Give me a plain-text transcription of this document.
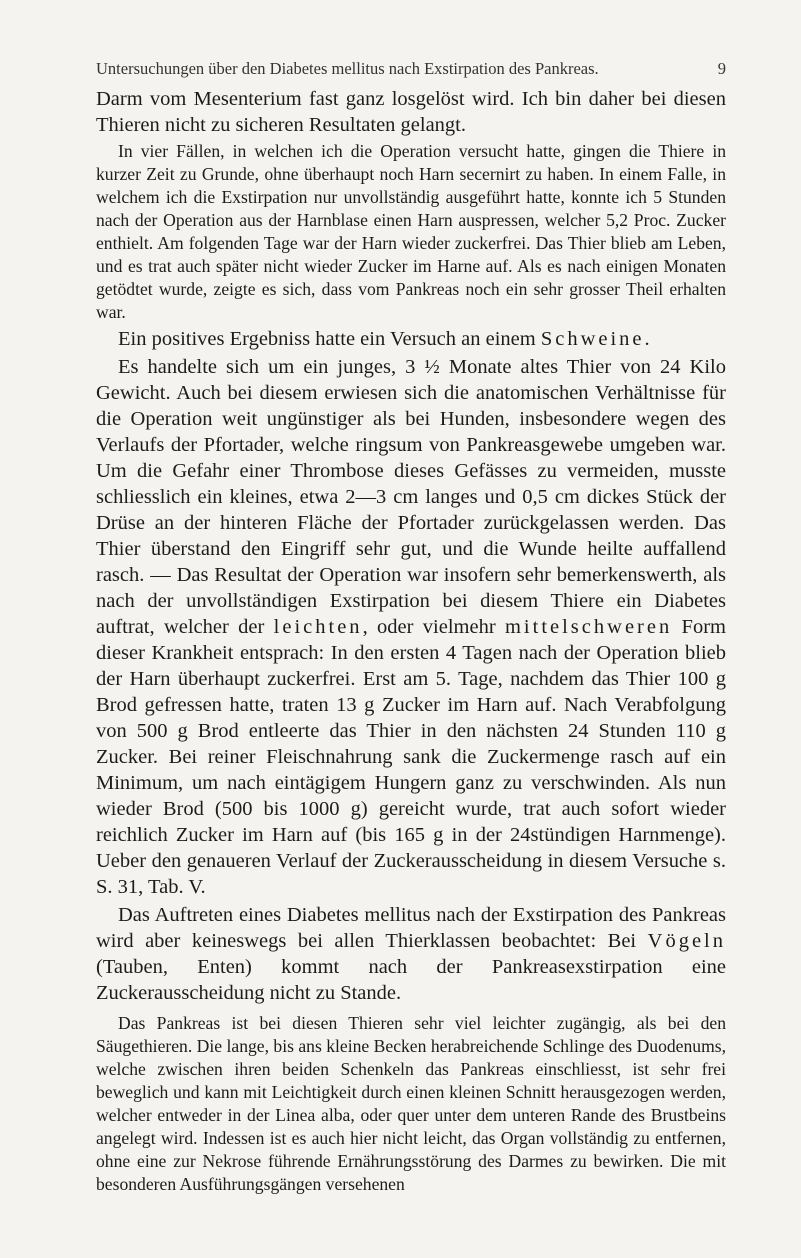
Untersuchungen über den Diabetes mellitus nach Exstirpation des Pankreas.	9

Darm vom Mesenterium fast ganz losgelöst wird. Ich bin daher bei diesen Thieren nicht zu sicheren Resultaten gelangt.

In vier Fällen, in welchen ich die Operation versucht hatte, gingen die Thiere in kurzer Zeit zu Grunde, ohne überhaupt noch Harn secernirt zu haben. In einem Falle, in welchem ich die Exstirpation nur unvollständig ausgeführt hatte, konnte ich 5 Stunden nach der Operation aus der Harnblase einen Harn auspressen, welcher 5,2 Proc. Zucker enthielt. Am folgenden Tage war der Harn wieder zuckerfrei. Das Thier blieb am Leben, und es trat auch später nicht wieder Zucker im Harne auf. Als es nach einigen Monaten getödtet wurde, zeigte es sich, dass vom Pankreas noch ein sehr grosser Theil erhalten war.

Ein positives Ergebniss hatte ein Versuch an einem Schweine.

Es handelte sich um ein junges, 3 ½ Monate altes Thier von 24 Kilo Gewicht. Auch bei diesem erwiesen sich die anatomischen Verhältnisse für die Operation weit ungünstiger als bei Hunden, insbesondere wegen des Verlaufs der Pfortader, welche ringsum von Pankreasgewebe umgeben war. Um die Gefahr einer Thrombose dieses Gefässes zu vermeiden, musste schliesslich ein kleines, etwa 2—3 cm langes und 0,5 cm dickes Stück der Drüse an der hinteren Fläche der Pfortader zurückgelassen werden. Das Thier überstand den Eingriff sehr gut, und die Wunde heilte auffallend rasch. — Das Resultat der Operation war insofern sehr bemerkenswerth, als nach der unvollständigen Exstirpation bei diesem Thiere ein Diabetes auftrat, welcher der leichten, oder vielmehr mittelschweren Form dieser Krankheit entsprach: In den ersten 4 Tagen nach der Operation blieb der Harn überhaupt zuckerfrei. Erst am 5. Tage, nachdem das Thier 100 g Brod gefressen hatte, traten 13 g Zucker im Harn auf. Nach Verabfolgung von 500 g Brod entleerte das Thier in den nächsten 24 Stunden 110 g Zucker. Bei reiner Fleischnahrung sank die Zuckermenge rasch auf ein Minimum, um nach eintägigem Hungern ganz zu verschwinden. Als nun wieder Brod (500 bis 1000 g) gereicht wurde, trat auch sofort wieder reichlich Zucker im Harn auf (bis 165 g in der 24stündigen Harnmenge). Ueber den genaueren Verlauf der Zuckerausscheidung in diesem Versuche s. S. 31, Tab. V.

Das Auftreten eines Diabetes mellitus nach der Exstirpation des Pankreas wird aber keineswegs bei allen Thierklassen beobachtet: Bei Vögeln (Tauben, Enten) kommt nach der Pankreasexstirpation eine Zuckerausscheidung nicht zu Stande.

Das Pankreas ist bei diesen Thieren sehr viel leichter zugängig, als bei den Säugethieren. Die lange, bis ans kleine Becken herabreichende Schlinge des Duodenums, welche zwischen ihren beiden Schenkeln das Pankreas einschliesst, ist sehr frei beweglich und kann mit Leichtigkeit durch einen kleinen Schnitt herausgezogen werden, welcher entweder in der Linea alba, oder quer unter dem unteren Rande des Brustbeins angelegt wird. Indessen ist es auch hier nicht leicht, das Organ vollständig zu entfernen, ohne eine zur Nekrose führende Ernährungsstörung des Darmes zu bewirken. Die mit besonderen Ausführungsgängen versehenen
